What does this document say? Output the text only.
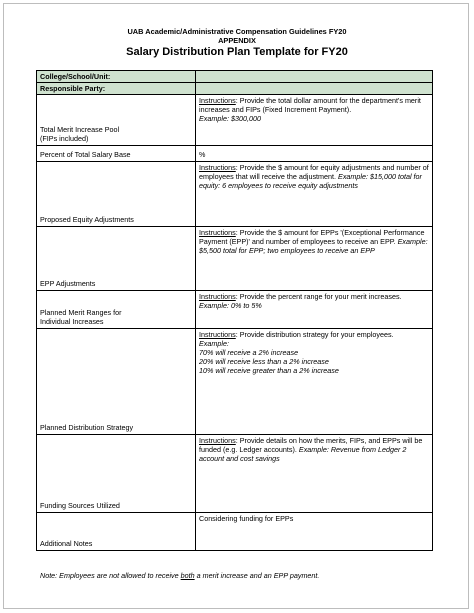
UAB Academic/Administrative Compensation Guidelines FY20
APPENDIX
Salary Distribution Plan Template for FY20
College/School/Unit:	
Responsible Party:	
Total Merit Increase Pool
(FIPs included)	Instructions: Provide the total dollar amount for the department's merit increases and FIPs (Fixed Increment Payment).
Example: $300,000
Percent of Total Salary Base	%
Proposed Equity Adjustments	Instructions: Provide the $ amount for equity adjustments and number of employees that will receive the adjustment. Example: $15,000 total for equity: 6 employees to receive equity adjustments
EPP Adjustments	Instructions: Provide the $ amount for EPPs '(Exceptional Performance Payment (EPP)' and number of employees to receive an EPP. Example: $5,500 total for EPP; two employees to receive an EPP
Planned Merit Ranges for
Individual Increases	Instructions: Provide the percent range for your merit increases.
Example: 0% to 5%
Planned Distribution Strategy	Instructions: Provide distribution strategy for your employees.
Example:
70% will receive a 2% increase
20% will receive less than a 2% increase
10% will receive greater than a 2% increase
Funding Sources Utilized	Instructions: Provide details on how the merits, FIPs, and EPPs will be funded (e.g. Ledger accounts). Example: Revenue from Ledger 2 account and cost savings
Additional Notes	Considering funding for EPPs
Note: Employees are not allowed to receive both a merit increase and an EPP payment.
